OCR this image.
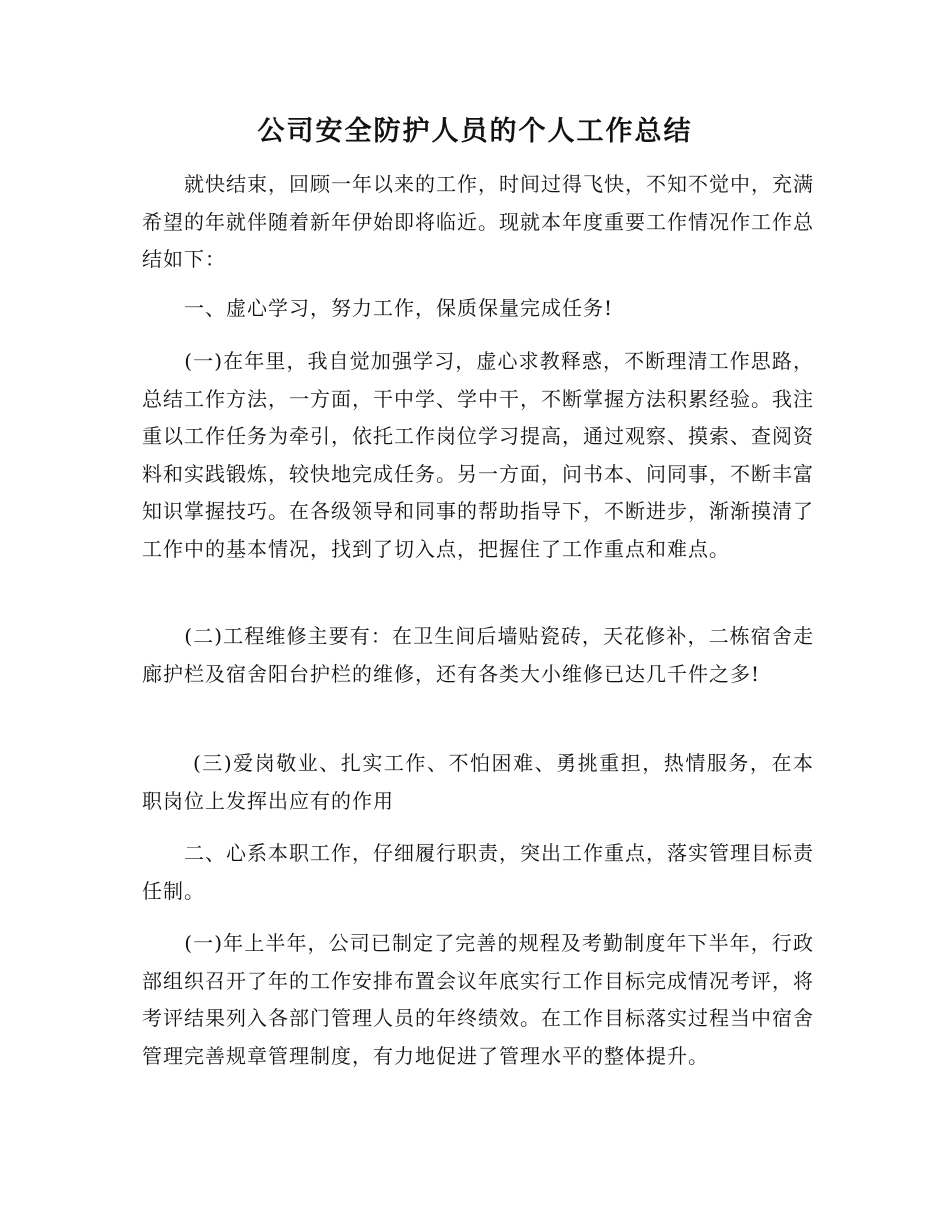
公司安全防护人员的个人工作总结

　　就快结束，回顾一年以来的工作，时间过得飞快，不知不觉中，充满希望的年就伴随着新年伊始即将临近。现就本年度重要工作情况作工作总结如下：

　　一、虚心学习，努力工作，保质保量完成任务!

　　(一)在年里，我自觉加强学习，虚心求教释惑，不断理清工作思路，总结工作方法，一方面，干中学、学中干，不断掌握方法积累经验。我注重以工作任务为牵引，依托工作岗位学习提高，通过观察、摸索、查阅资料和实践锻炼，较快地完成任务。另一方面，问书本、问同事，不断丰富知识掌握技巧。在各级领导和同事的帮助指导下，不断进步，渐渐摸清了工作中的基本情况，找到了切入点，把握住了工作重点和难点。

　　(二)工程维修主要有：在卫生间后墙贴瓷砖，天花修补，二栋宿舍走廊护栏及宿舍阳台护栏的维修，还有各类大小维修已达几千件之多!

　　 (三)爱岗敬业、扎实工作、不怕困难、勇挑重担，热情服务，在本职岗位上发挥出应有的作用

　　二、心系本职工作，仔细履行职责，突出工作重点，落实管理目标责任制。

　　(一)年上半年，公司已制定了完善的规程及考勤制度年下半年，行政部组织召开了年的工作安排布置会议年底实行工作目标完成情况考评，将考评结果列入各部门管理人员的年终绩效。在工作目标落实过程当中宿舍管理完善规章管理制度，有力地促进了管理水平的整体提升。
